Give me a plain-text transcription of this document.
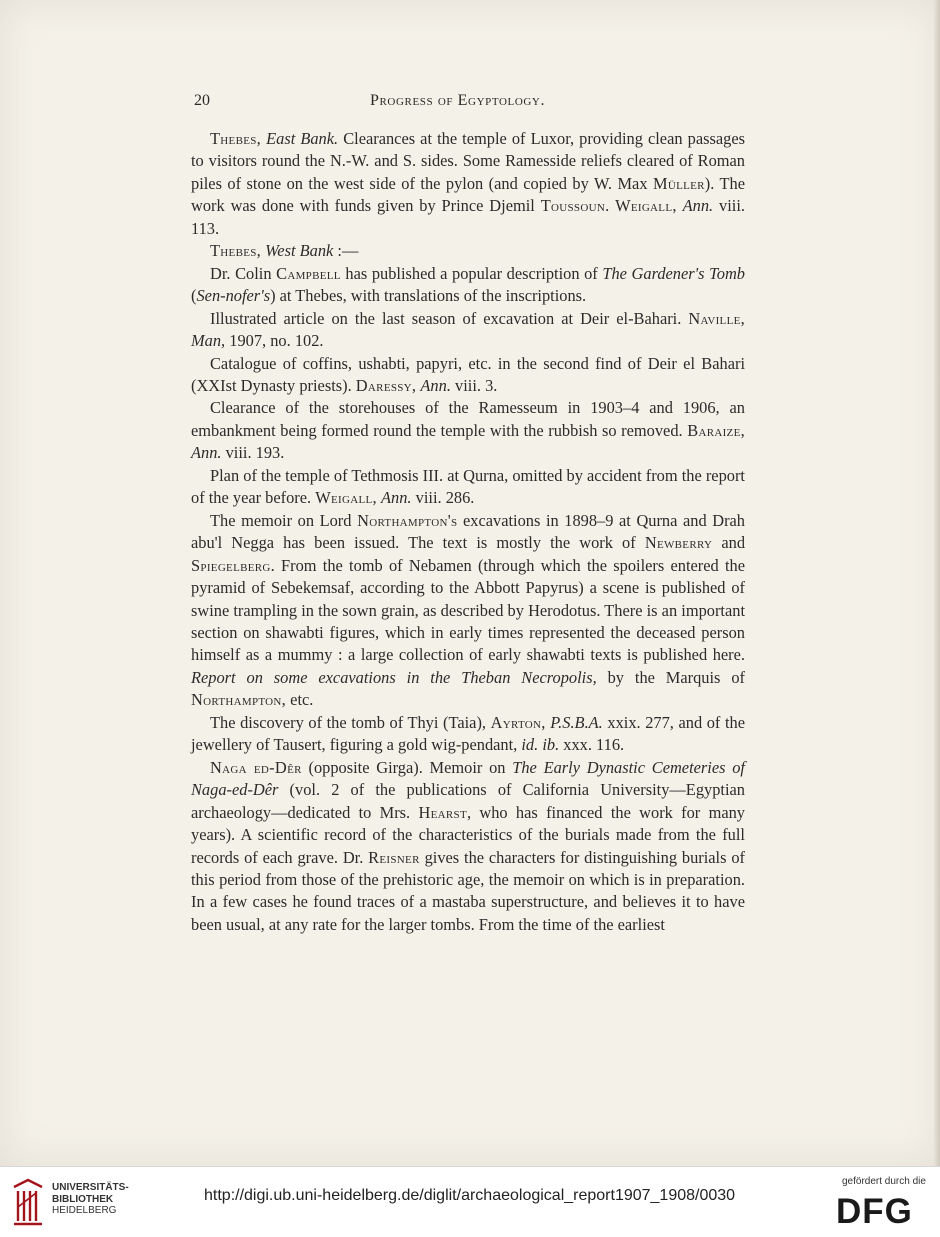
20	Progress of Egyptology.

Thebes, East Bank. Clearances at the temple of Luxor, providing clean passages to visitors round the N.-W. and S. sides. Some Ramesside reliefs cleared of Roman piles of stone on the west side of the pylon (and copied by W. Max Müller). The work was done with funds given by Prince Djemil Toussoun. Weigall, Ann. viii. 113.

Thebes, West Bank :—

Dr. Colin Campbell has published a popular description of The Gardener's Tomb (Sen-nofer's) at Thebes, with translations of the inscriptions.

Illustrated article on the last season of excavation at Deir el-Bahari. Naville, Man, 1907, no. 102.

Catalogue of coffins, ushabti, papyri, etc. in the second find of Deir el Bahari (XXIst Dynasty priests). Daressy, Ann. viii. 3.

Clearance of the storehouses of the Ramesseum in 1903–4 and 1906, an embankment being formed round the temple with the rubbish so removed. Baraize, Ann. viii. 193.

Plan of the temple of Tethmosis III. at Qurna, omitted by accident from the report of the year before. Weigall, Ann. viii. 286.

The memoir on Lord Northampton's excavations in 1898–9 at Qurna and Drah abu'l Negga has been issued. The text is mostly the work of Newberry and Spiegelberg. From the tomb of Nebamen (through which the spoilers entered the pyramid of Sebekemsaf, according to the Abbott Papyrus) a scene is published of swine trampling in the sown grain, as described by Herodotus. There is an important section on shawabti figures, which in early times represented the deceased person himself as a mummy : a large collection of early shawabti texts is published here. Report on some excavations in the Theban Necropolis, by the Marquis of Northampton, etc.

The discovery of the tomb of Thyi (Taia), Ayrton, P.S.B.A. xxix. 277, and of the jewellery of Tausert, figuring a gold wig-pendant, id. ib. xxx. 116.

Naga ed-Dêr (opposite Girga). Memoir on The Early Dynastic Cemeteries of Naga-ed-Dêr (vol. 2 of the publications of California University—Egyptian archaeology—dedicated to Mrs. Hearst, who has financed the work for many years). A scientific record of the characteristics of the burials made from the full records of each grave. Dr. Reisner gives the characters for distinguishing burials of this period from those of the prehistoric age, the memoir on which is in preparation. In a few cases he found traces of a mastaba superstructure, and believes it to have been usual, at any rate for the larger tombs. From the time of the earliest

UNIVERSITÄTS-
BIBLIOTHEK
HEIDELBERG
http://digi.ub.uni-heidelberg.de/diglit/archaeological_report1907_1908/0030
gefördert durch die
DFG
